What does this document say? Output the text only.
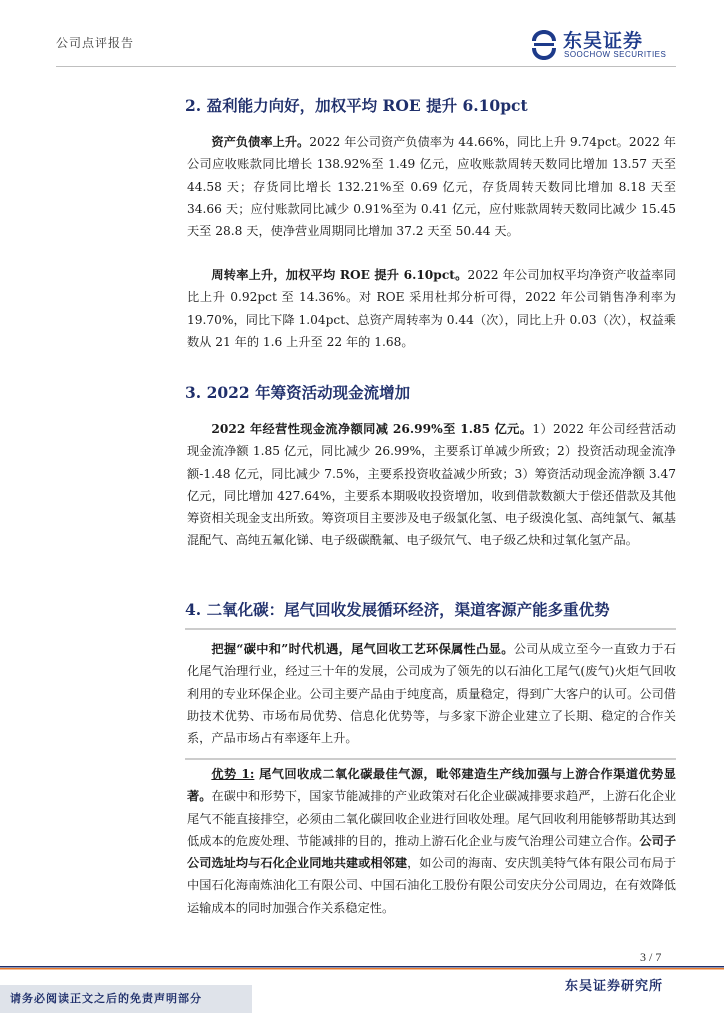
公司点评报告	东吴证券
SOOCHOW SECURITIES
2. 盈利能力向好，加权平均 ROE 提升 6.10pct

资产负债率上升。2022 年公司资产负债率为 44.66%，同比上升 9.74pct。2022 年公司应收账款同比增长 138.92%至 1.49 亿元，应收账款周转天数同比增加 13.57 天至 44.58 天；存货同比增长 132.21%至 0.69 亿元，存货周转天数同比增加 8.18 天至 34.66 天；应付账款同比减少 0.91%至为 0.41 亿元，应付账款周转天数同比减少 15.45 天至 28.8 天，使净营业周期同比增加 37.2 天至 50.44 天。

周转率上升，加权平均 ROE 提升 6.10pct。2022 年公司加权平均净资产收益率同比上升 0.92pct 至 14.36%。对 ROE 采用杜邦分析可得，2022 年公司销售净利率为 19.70%，同比下降 1.04pct、总资产周转率为 0.44（次），同比上升 0.03（次），权益乘数从 21 年的 1.6 上升至 22 年的 1.68。

3. 2022 年筹资活动现金流增加

2022 年经营性现金流净额同减 26.99%至 1.85 亿元。1）2022 年公司经营活动现金流净额 1.85 亿元，同比减少 26.99%，主要系订单减少所致；2）投资活动现金流净额-1.48 亿元，同比减少 7.5%，主要系投资收益减少所致；3）筹资活动现金流净额 3.47 亿元，同比增加 427.64%，主要系本期吸收投资增加，收到借款数额大于偿还借款及其他筹资相关现金支出所致。筹资项目主要涉及电子级氯化氢、电子级溴化氢、高纯氯气、氟基混配气、高纯五氟化锑、电子级碳酰氟、电子级氘气、电子级乙炔和过氧化氢产品。

4. 二氧化碳：尾气回收发展循环经济，渠道客源产能多重优势

把握“碳中和”时代机遇，尾气回收工艺环保属性凸显。公司从成立至今一直致力于石化尾气治理行业，经过三十年的发展，公司成为了领先的以石油化工尾气(废气)火炬气回收利用的专业环保企业。公司主要产品由于纯度高，质量稳定，得到广大客户的认可。公司借助技术优势、市场布局优势、信息化优势等，与多家下游企业建立了长期、稳定的合作关系，产品市场占有率逐年上升。

优势 1: 尾气回收成二氧化碳最佳气源，毗邻建造生产线加强与上游合作渠道优势显著。在碳中和形势下，国家节能减排的产业政策对石化企业碳减排要求趋严，上游石化企业尾气不能直接排空，必须由二氧化碳回收企业进行回收处理。尾气回收利用能够帮助其达到低成本的危废处理、节能减排的目的，推动上游石化企业与废气治理公司建立合作。公司子公司选址均与石化企业同地共建或相邻建，如公司的海南、安庆凯美特气体有限公司布局于中国石化海南炼油化工有限公司、中国石油化工股份有限公司安庆分公司周边，在有效降低运输成本的同时加强合作关系稳定性。

3 / 7
东吴证券研究所
请务必阅读正文之后的免责声明部分
